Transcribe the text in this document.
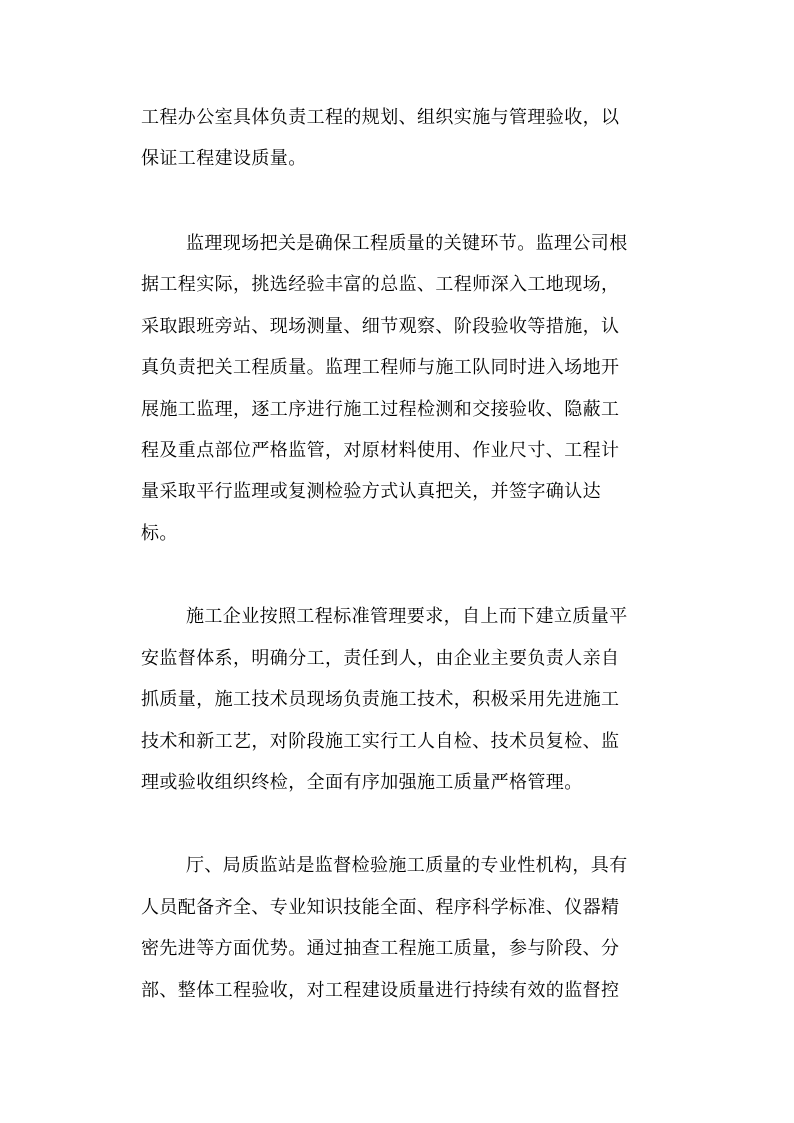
工程办公室具体负责工程的规划、组织实施与管理验收，以
保证工程建设质量。
监理现场把关是确保工程质量的关键环节。监理公司根
据工程实际，挑选经验丰富的总监、工程师深入工地现场，
采取跟班旁站、现场测量、细节观察、阶段验收等措施，认
真负责把关工程质量。监理工程师与施工队同时进入场地开
展施工监理，逐工序进行施工过程检测和交接验收、隐蔽工
程及重点部位严格监管，对原材料使用、作业尺寸、工程计
量采取平行监理或复测检验方式认真把关，并签字确认达
标。
施工企业按照工程标准管理要求，自上而下建立质量平
安监督体系，明确分工，责任到人，由企业主要负责人亲自
抓质量，施工技术员现场负责施工技术，积极采用先进施工
技术和新工艺，对阶段施工实行工人自检、技术员复检、监
理或验收组织终检，全面有序加强施工质量严格管理。
厅、局质监站是监督检验施工质量的专业性机构，具有
人员配备齐全、专业知识技能全面、程序科学标准、仪器精
密先进等方面优势。通过抽查工程施工质量，参与阶段、分
部、整体工程验收，对工程建设质量进行持续有效的监督控
